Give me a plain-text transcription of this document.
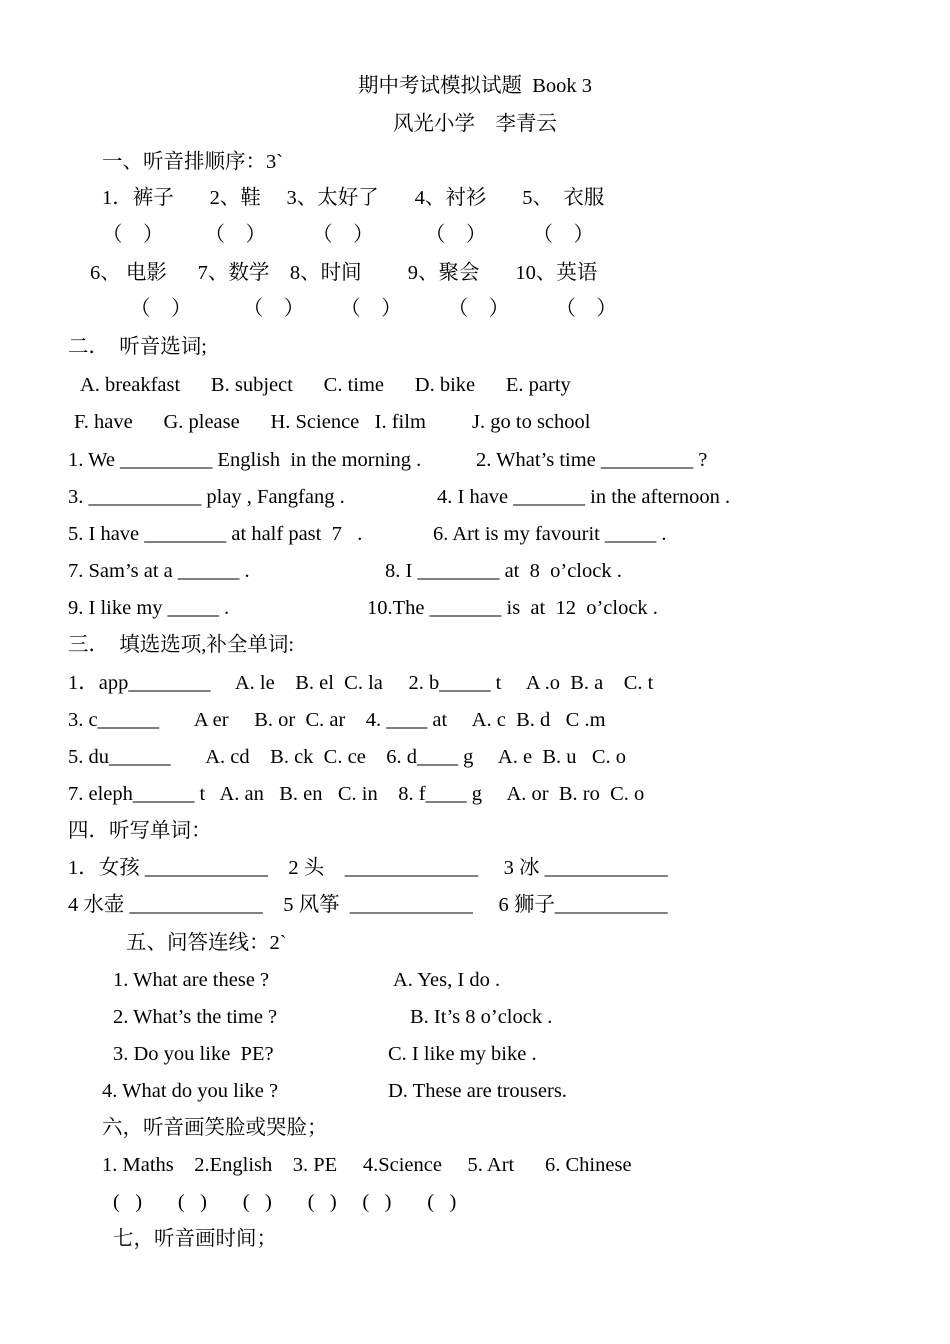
期中考试模拟试题  Book 3
风光小学    李青云
一、听音排顺序：3`
1．裤子       2、鞋     3、太好了       4、衬衫       5、  衣服
（    ）        （    ）         （    ）          （    ）         （    ）
6、 电影      7、数学    8、时间         9、聚会       10、英语
（    ）          （    ）       （    ）         （    ）         （    ）
二．  听音选词;
A. breakfast      B. subject      C. time      D. bike      E. party
F. have      G. please      H. Science   I. film         J. go to school
1. We _________ English  in the morning .	2. What’s time _________ ?
3. ___________ play , Fangfang .	4. I have _______ in the afternoon .
5. I have ________ at half past  7   .	6. Art is my favourit _____ .
7. Sam’s at a ______ .	8. I ________ at  8  o’clock .
9. I like my _____ .	10.The _______ is  at  12  o’clock .
三．  填选选项,补全单词:
1．app________     A. le    B. el  C. la     2. b_____ t     A .o  B. a    C. t
3. c______       A er     B. or  C. ar    4. ____ at     A. c  B. d   C .m
5. du______       A. cd    B. ck  C. ce    6. d____ g     A. e  B. u   C. o
7. eleph______ t   A. an   B. en   C. in    8. f____ g     A. or  B. ro  C. o
四．听写单词：
1．女孩 ____________    2 头    _____________     3 冰 ____________
4 水壶 _____________    5 风筝  ____________     6 狮子___________
五、问答连线：2`
1. What are these ?	A. Yes, I do .
2. What’s the time ?	B. It’s 8 o’clock .
3. Do you like  PE?	C. I like my bike .
4. What do you like ?	D. These are trousers.
六，听音画笑脸或哭脸；
1. Maths    2.English    3. PE     4.Science     5. Art      6. Chinese
(   )       (   )       (   )       (   )     (   )       (   )
七，听音画时间；
